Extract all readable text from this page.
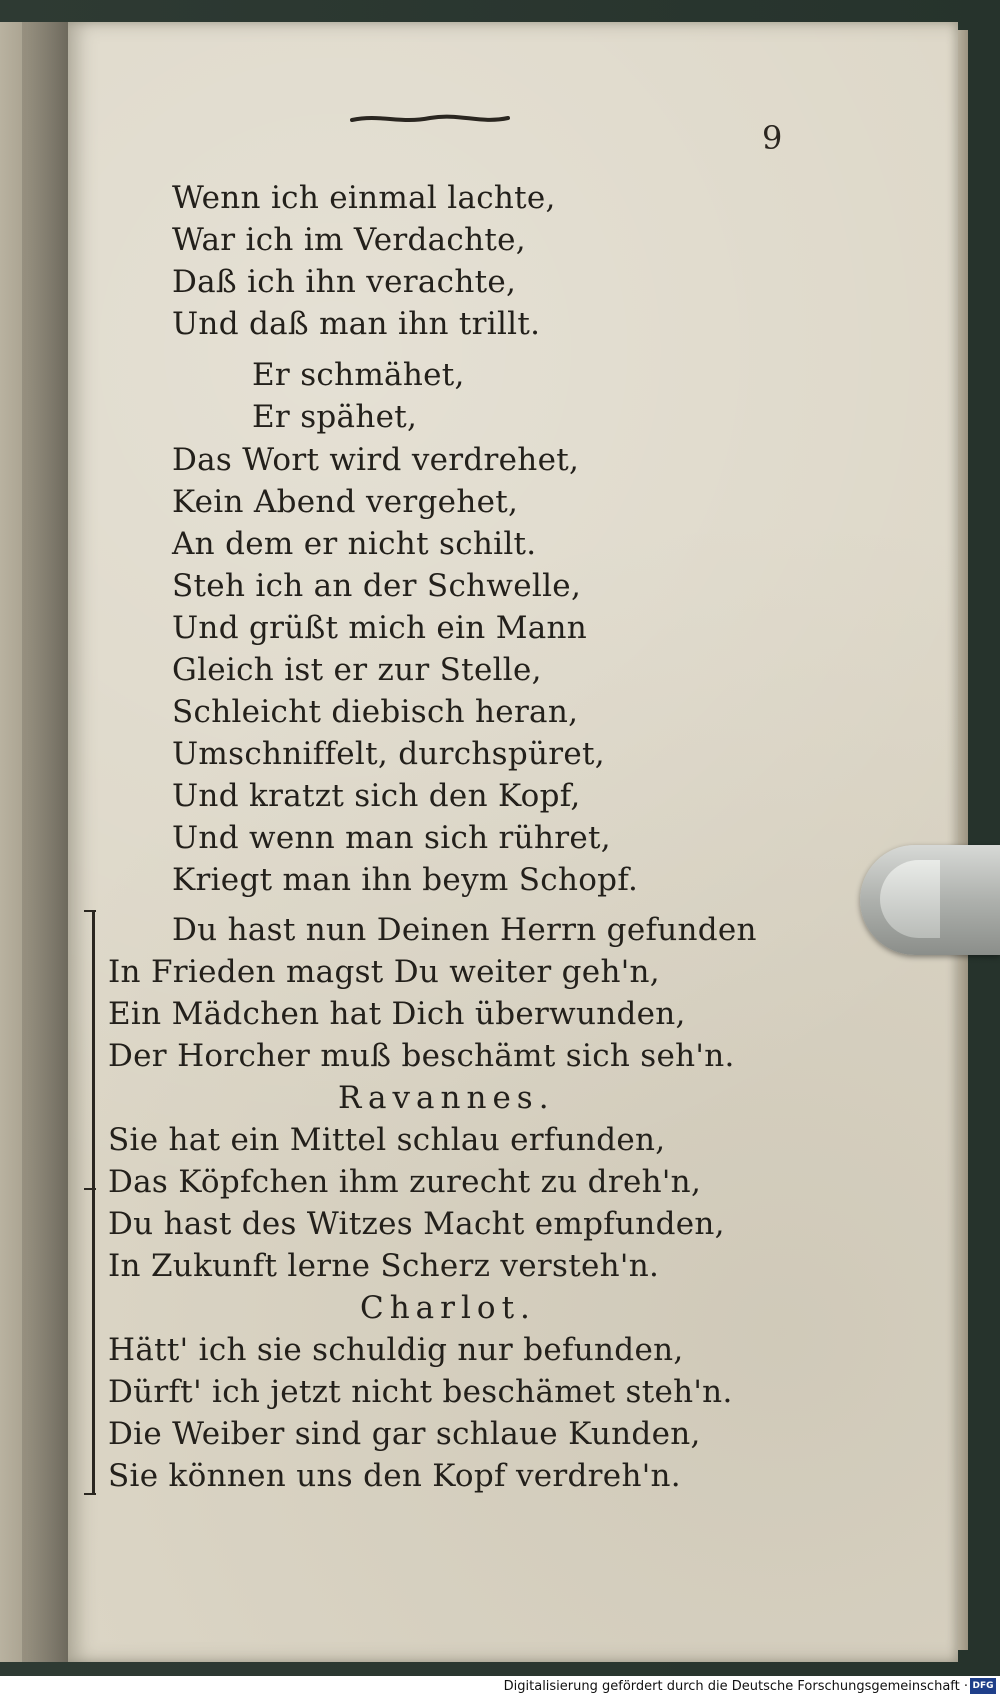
9
Wenn ich einmal lachte,
War ich im Verdachte,
Daß ich ihn verachte,
Und daß man ihn trillt.
Er schmähet,
Er spähet,
Das Wort wird verdrehet,
Kein Abend vergehet,
An dem er nicht schilt.
Steh ich an der Schwelle,
Und grüßt mich ein Mann
Gleich ist er zur Stelle,
Schleicht diebisch heran,
Umschniffelt, durchspüret,
Und kratzt sich den Kopf,
Und wenn man sich rühret,
Kriegt man ihn beym Schopf.
Du hast nun Deinen Herrn gefunden
In Frieden magst Du weiter geh'n,
Ein Mädchen hat Dich überwunden,
Der Horcher muß beschämt sich seh'n.
Ravannes.
Sie hat ein Mittel schlau erfunden,
Das Köpfchen ihm zurecht zu dreh'n,
Du hast des Witzes Macht empfunden,
In Zukunft lerne Scherz versteh'n.
Charlot.
Hätt' ich sie schuldig nur befunden,
Dürft' ich jetzt nicht beschämet steh'n.
Die Weiber sind gar schlaue Kunden,
Sie können uns den Kopf verdreh'n.
Digitalisierung gefördert durch die Deutsche Forschungsgemeinschaft · DFG
